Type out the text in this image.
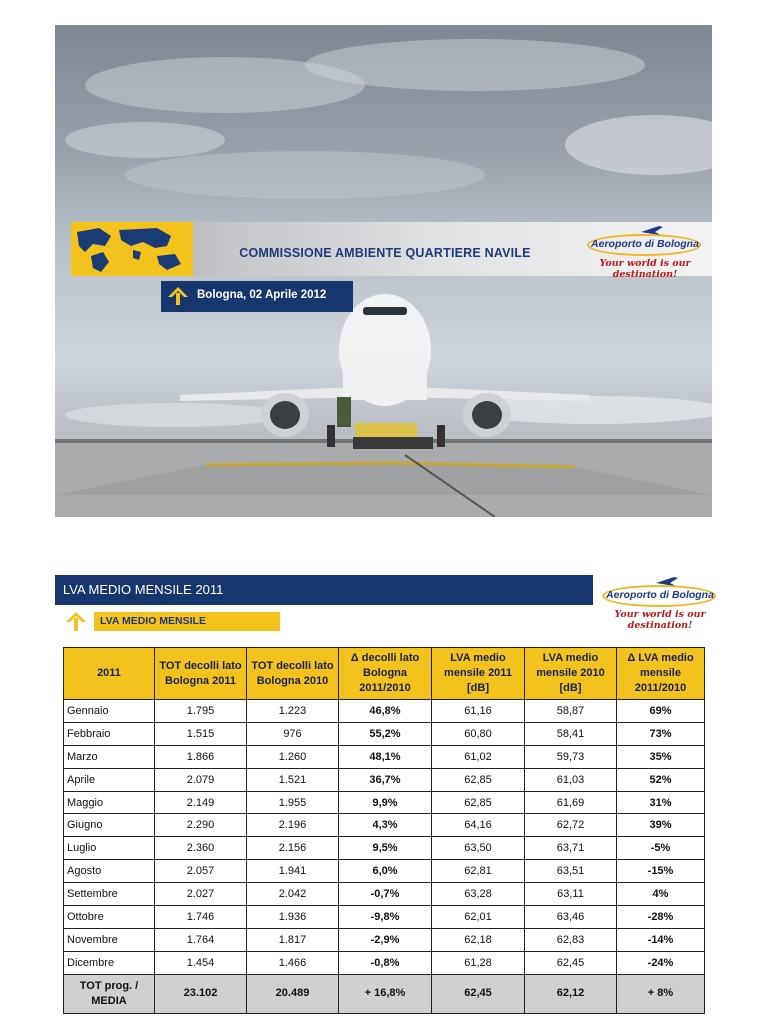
COMMISSIONE AMBIENTE QUARTIERE NAVILE
Aeroporto di Bologna
Your world is our destination!
Bologna, 02 Aprile 2012
LVA MEDIO MENSILE 2011	Aeroporto di Bologna
Your world is our destination!
LVA MEDIO MENSILE
2011	TOT decolli lato Bologna 2011	TOT decolli lato Bologna 2010	Δ decolli lato Bologna 2011/2010	LVA medio mensile 2011 [dB]	LVA medio mensile 2010 [dB]	Δ LVA medio mensile 2011/2010
Gennaio	1.795	1.223	46,8%	61,16	58,87	69%
Febbraio	1.515	976	55,2%	60,80	58,41	73%
Marzo	1.866	1.260	48,1%	61,02	59,73	35%
Aprile	2.079	1.521	36,7%	62,85	61,03	52%
Maggio	2.149	1.955	9,9%	62,85	61,69	31%
Giugno	2.290	2.196	4,3%	64,16	62,72	39%
Luglio	2.360	2.156	9,5%	63,50	63,71	-5%
Agosto	2.057	1.941	6,0%	62,81	63,51	-15%
Settembre	2.027	2.042	-0,7%	63,28	63,11	4%
Ottobre	1.746	1.936	-9,8%	62,01	63,46	-28%
Novembre	1.764	1.817	-2,9%	62,18	62,83	-14%
Dicembre	1.454	1.466	-0,8%	61,28	62,45	-24%
TOT prog. / MEDIA	23.102	20.489	+ 16,8%	62,45	62,12	+ 8%
